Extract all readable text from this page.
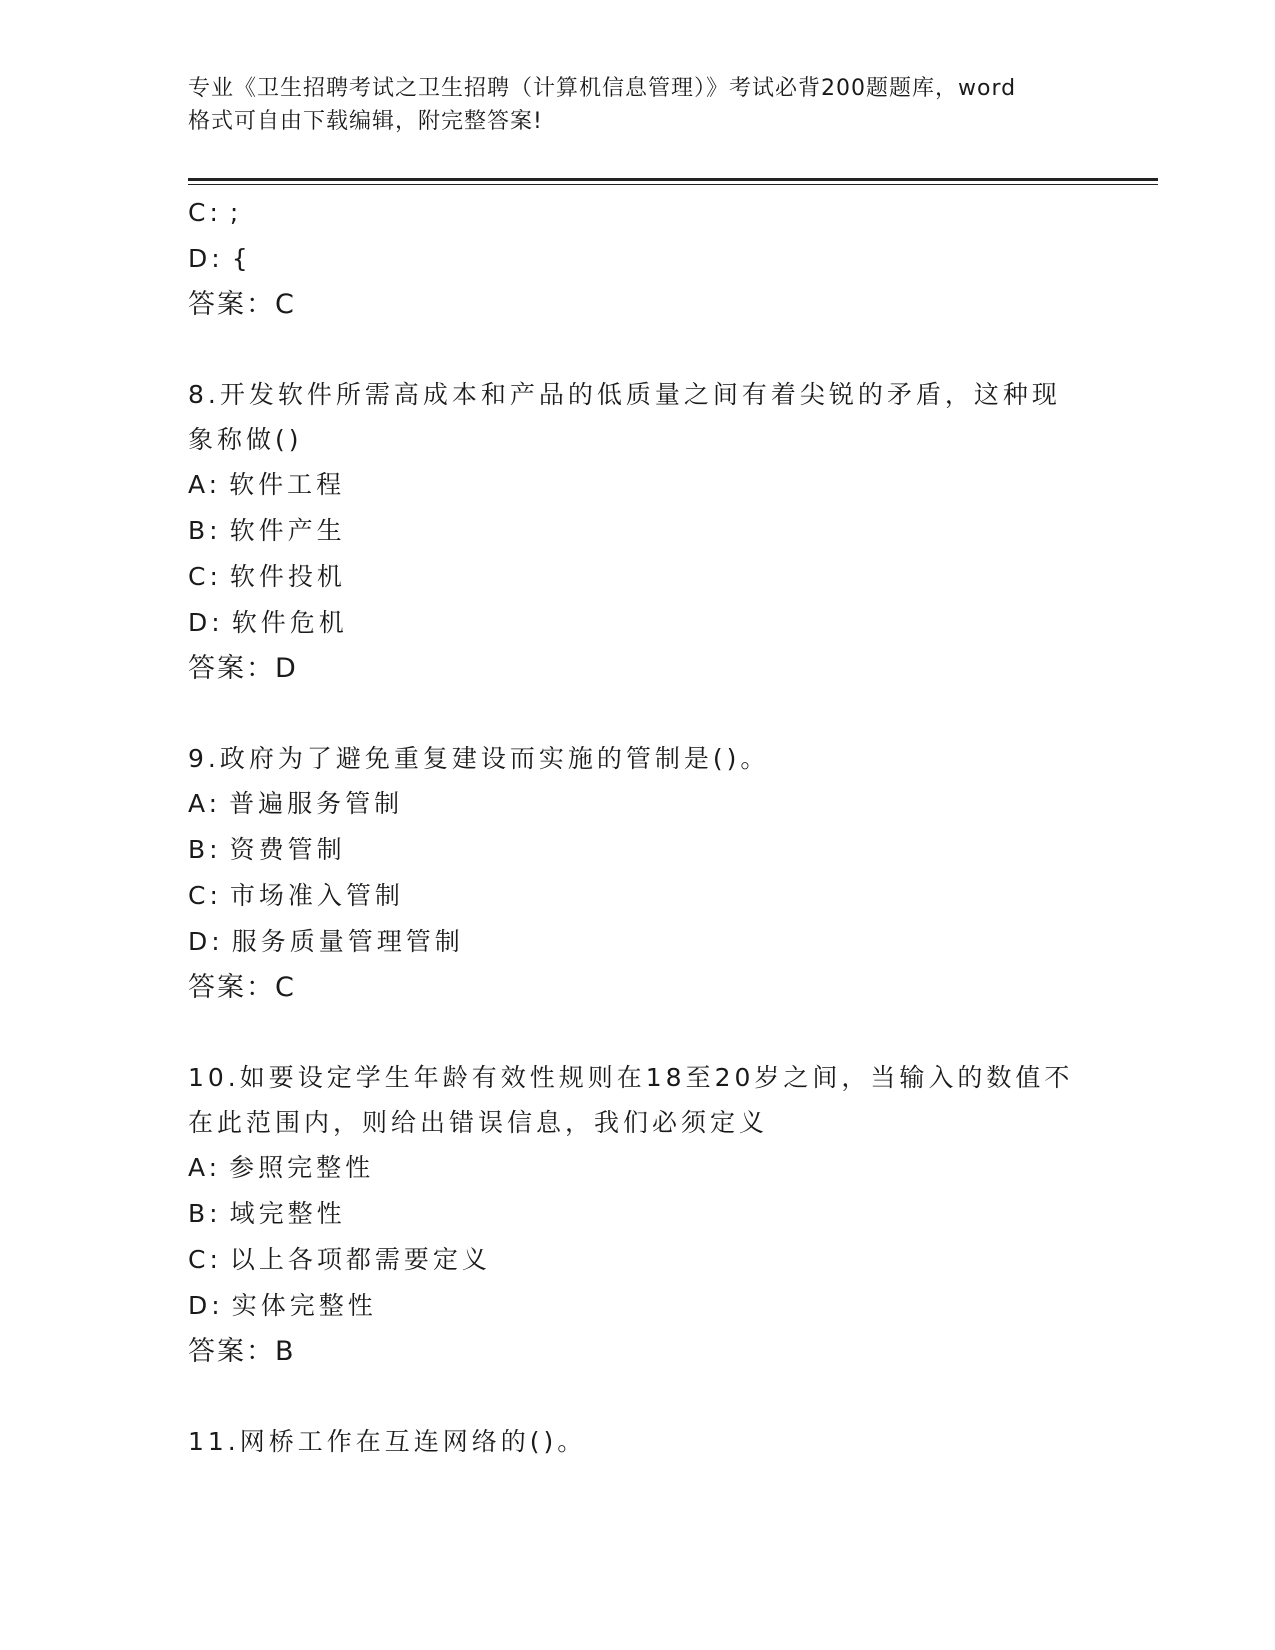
专业《卫生招聘考试之卫生招聘（计算机信息管理）》考试必背200题题库，word
格式可自由下载编辑，附完整答案!
C: ;
D: {
答案：C
8.开发软件所需高成本和产品的低质量之间有着尖锐的矛盾，这种现
象称做()
A: 软件工程
B: 软件产生
C: 软件投机
D: 软件危机
答案：D
9.政府为了避免重复建设而实施的管制是()。
A: 普遍服务管制
B: 资费管制
C: 市场准入管制
D: 服务质量管理管制
答案：C
10.如要设定学生年龄有效性规则在18至20岁之间，当输入的数值不
在此范围内，则给出错误信息，我们必须定义
A: 参照完整性
B: 域完整性
C: 以上各项都需要定义
D: 实体完整性
答案：B
11.网桥工作在互连网络的()。
